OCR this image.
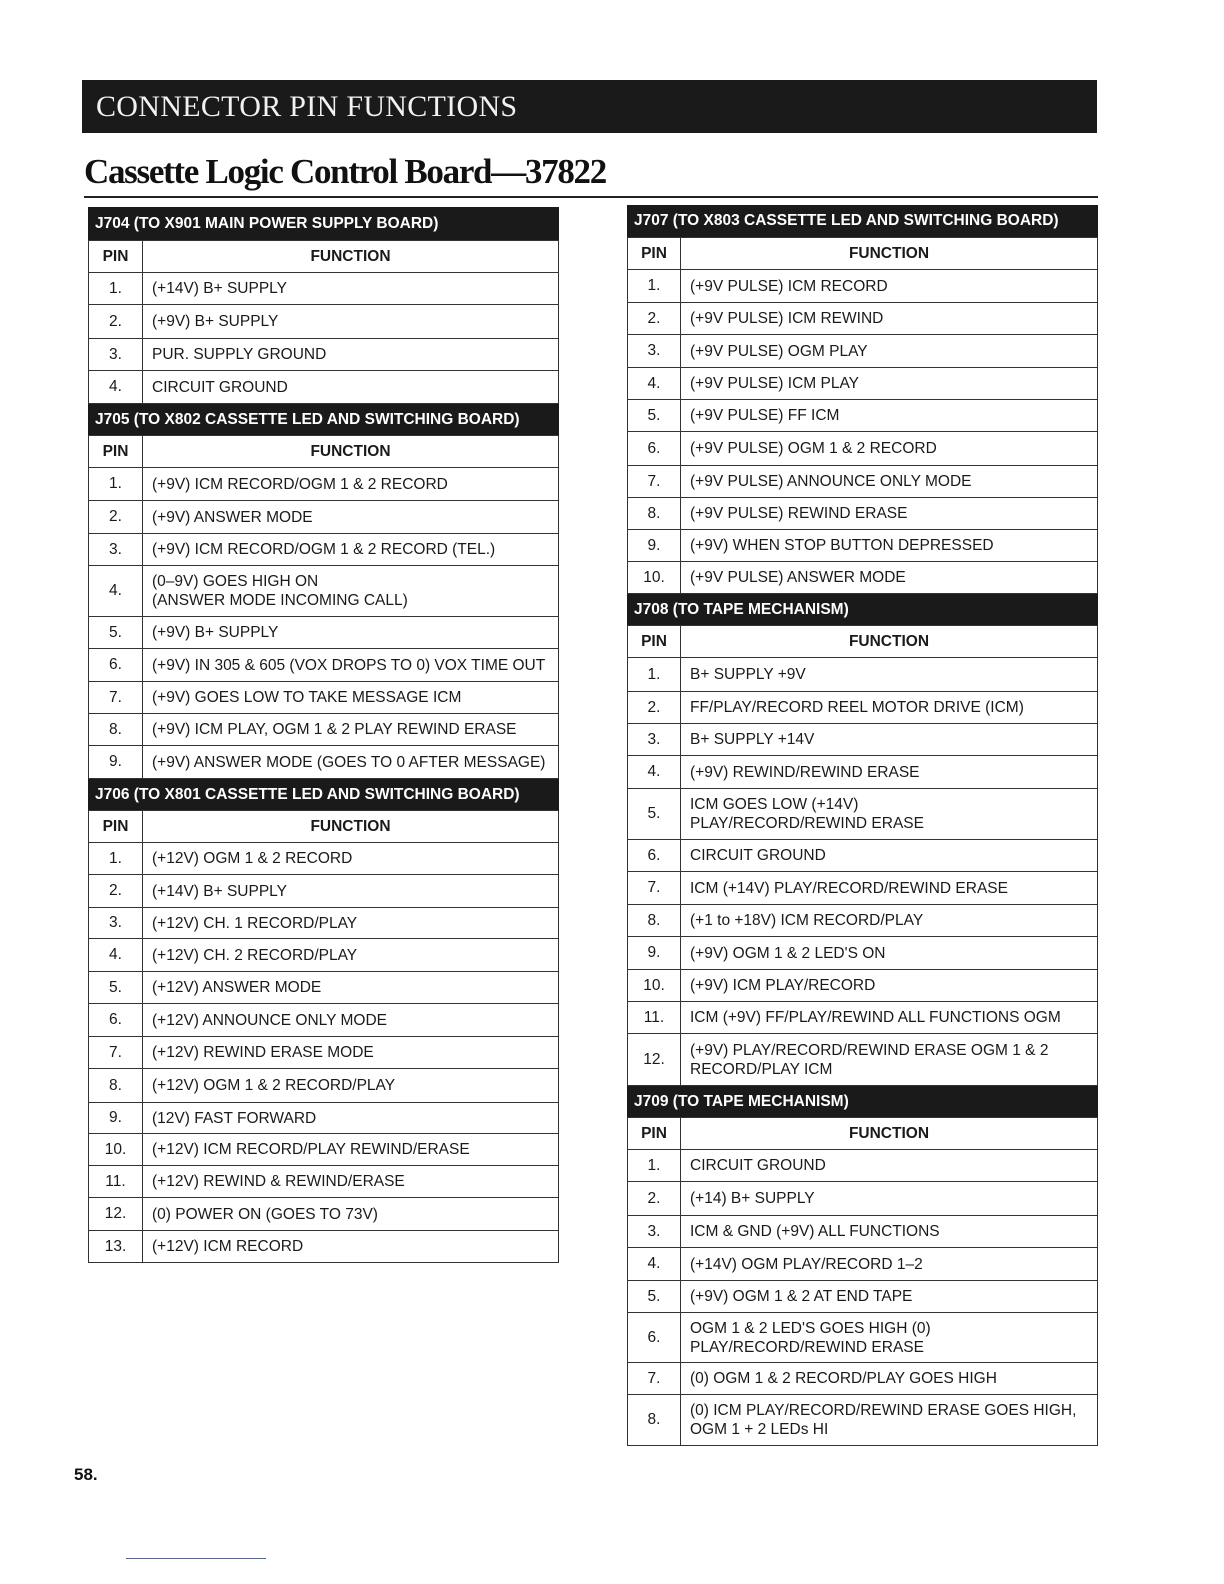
CONNECTOR PIN FUNCTIONS
Cassette Logic Control Board—37822
J704 (TO X901 MAIN POWER SUPPLY BOARD)
PIN	FUNCTION
1.	(+14V) B+ SUPPLY
2.	(+9V) B+ SUPPLY
3.	PUR. SUPPLY GROUND
4.	CIRCUIT GROUND
J705 (TO X802 CASSETTE LED AND SWITCHING BOARD)
PIN	FUNCTION
1.	(+9V) ICM RECORD/OGM 1 & 2 RECORD
2.	(+9V) ANSWER MODE
3.	(+9V) ICM RECORD/OGM 1 & 2 RECORD (TEL.)
4.	(0–9V) GOES HIGH ON
(ANSWER MODE INCOMING CALL)
5.	(+9V) B+ SUPPLY
6.	(+9V) IN 305 & 605 (VOX DROPS TO 0) VOX TIME OUT
7.	(+9V) GOES LOW TO TAKE MESSAGE ICM
8.	(+9V) ICM PLAY, OGM 1 & 2 PLAY REWIND ERASE
9.	(+9V) ANSWER MODE (GOES TO 0 AFTER MESSAGE)
J706 (TO X801 CASSETTE LED AND SWITCHING BOARD)
PIN	FUNCTION
1.	(+12V) OGM 1 & 2 RECORD
2.	(+14V) B+ SUPPLY
3.	(+12V) CH. 1 RECORD/PLAY
4.	(+12V) CH. 2 RECORD/PLAY
5.	(+12V) ANSWER MODE
6.	(+12V) ANNOUNCE ONLY MODE
7.	(+12V) REWIND ERASE MODE
8.	(+12V) OGM 1 & 2 RECORD/PLAY
9.	(12V) FAST FORWARD
10.	(+12V) ICM RECORD/PLAY REWIND/ERASE
11.	(+12V) REWIND & REWIND/ERASE
12.	(0) POWER ON (GOES TO 73V)
13.	(+12V) ICM RECORD
J707 (TO X803 CASSETTE LED AND SWITCHING BOARD)
PIN	FUNCTION
1.	(+9V PULSE) ICM RECORD
2.	(+9V PULSE) ICM REWIND
3.	(+9V PULSE) OGM PLAY
4.	(+9V PULSE) ICM PLAY
5.	(+9V PULSE) FF ICM
6.	(+9V PULSE) OGM 1 & 2 RECORD
7.	(+9V PULSE) ANNOUNCE ONLY MODE
8.	(+9V PULSE) REWIND ERASE
9.	(+9V) WHEN STOP BUTTON DEPRESSED
10.	(+9V PULSE) ANSWER MODE
J708 (TO TAPE MECHANISM)
PIN	FUNCTION
1.	B+ SUPPLY +9V
2.	FF/PLAY/RECORD REEL MOTOR DRIVE (ICM)
3.	B+ SUPPLY +14V
4.	(+9V) REWIND/REWIND ERASE
5.	ICM GOES LOW (+14V)
PLAY/RECORD/REWIND ERASE
6.	CIRCUIT GROUND
7.	ICM (+14V) PLAY/RECORD/REWIND ERASE
8.	(+1 to +18V) ICM RECORD/PLAY
9.	(+9V) OGM 1 & 2 LED'S ON
10.	(+9V) ICM PLAY/RECORD
11.	ICM (+9V) FF/PLAY/REWIND ALL FUNCTIONS OGM
12.	(+9V) PLAY/RECORD/REWIND ERASE OGM 1 & 2
RECORD/PLAY ICM
J709 (TO TAPE MECHANISM)
PIN	FUNCTION
1.	CIRCUIT GROUND
2.	(+14) B+ SUPPLY
3.	ICM & GND (+9V) ALL FUNCTIONS
4.	(+14V) OGM PLAY/RECORD 1–2
5.	(+9V) OGM 1 & 2 AT END TAPE
6.	OGM 1 & 2 LED'S GOES HIGH (0)
PLAY/RECORD/REWIND ERASE
7.	(0) OGM 1 & 2 RECORD/PLAY GOES HIGH
8.	(0) ICM PLAY/RECORD/REWIND ERASE GOES HIGH,
OGM 1 + 2 LEDs HI
58.
